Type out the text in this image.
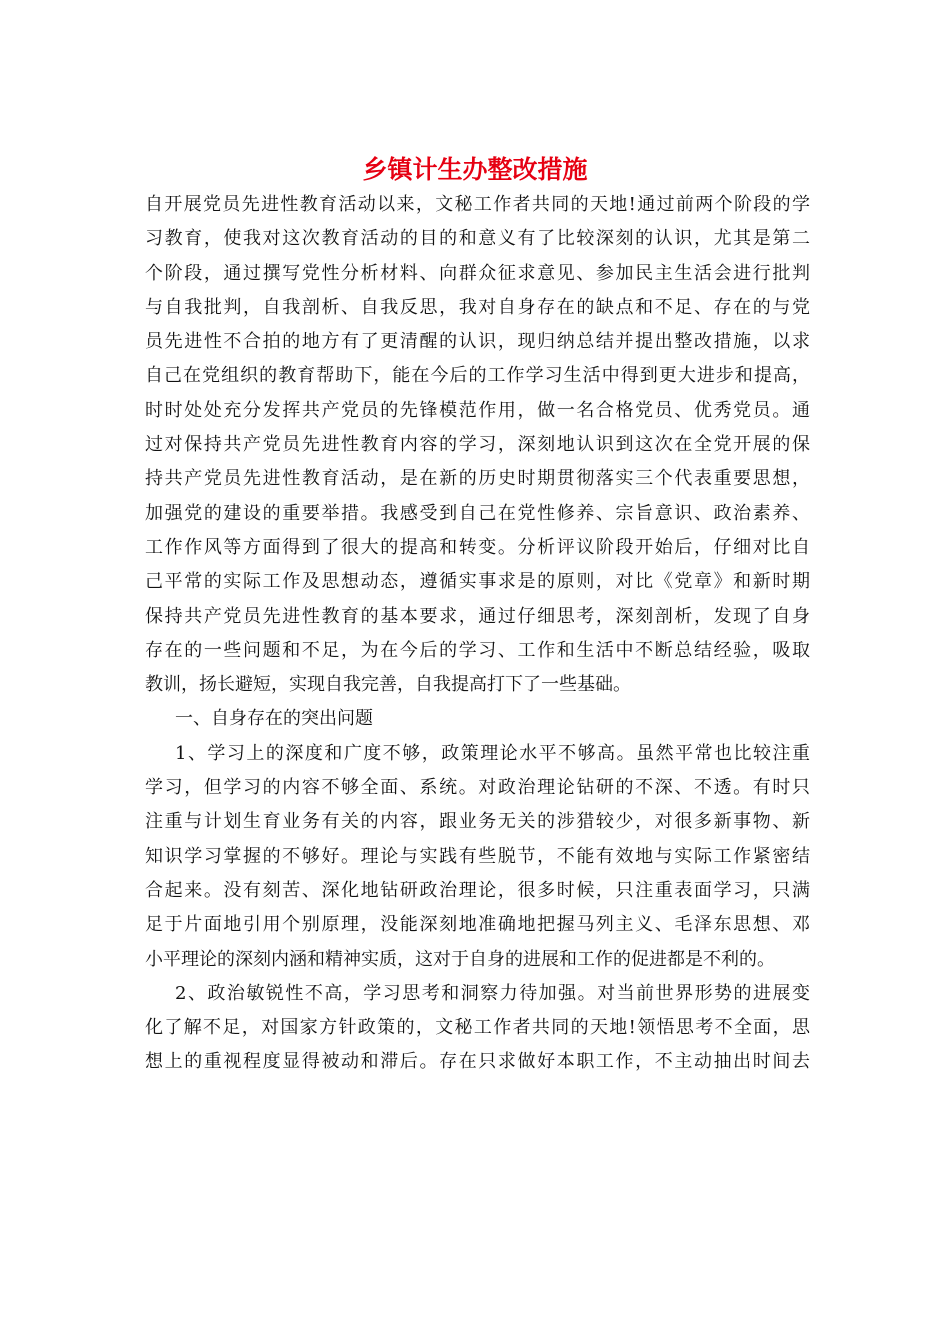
乡镇计生办整改措施
自开展党员先进性教育活动以来，文秘工作者共同的天地!通过前两个阶段的学
习教育，使我对这次教育活动的目的和意义有了比较深刻的认识，尤其是第二
个阶段，通过撰写党性分析材料、向群众征求意见、参加民主生活会进行批判
与自我批判，自我剖析、自我反思，我对自身存在的缺点和不足、存在的与党
员先进性不合拍的地方有了更清醒的认识，现归纳总结并提出整改措施，以求
自己在党组织的教育帮助下，能在今后的工作学习生活中得到更大进步和提高，
时时处处充分发挥共产党员的先锋模范作用，做一名合格党员、优秀党员。通
过对保持共产党员先进性教育内容的学习，深刻地认识到这次在全党开展的保
持共产党员先进性教育活动，是在新的历史时期贯彻落实三个代表重要思想，
加强党的建设的重要举措。我感受到自己在党性修养、宗旨意识、政治素养、
工作作风等方面得到了很大的提高和转变。分析评议阶段开始后，仔细对比自
己平常的实际工作及思想动态，遵循实事求是的原则，对比《党章》和新时期
保持共产党员先进性教育的基本要求，通过仔细思考，深刻剖析，发现了自身
存在的一些问题和不足，为在今后的学习、工作和生活中不断总结经验，吸取
教训，扬长避短，实现自我完善，自我提高打下了一些基础。
一、自身存在的突出问题
1、学习上的深度和广度不够，政策理论水平不够高。虽然平常也比较注重
学习，但学习的内容不够全面、系统。对政治理论钻研的不深、不透。有时只
注重与计划生育业务有关的内容，跟业务无关的涉猎较少，对很多新事物、新
知识学习掌握的不够好。理论与实践有些脱节，不能有效地与实际工作紧密结
合起来。没有刻苦、深化地钻研政治理论，很多时候，只注重表面学习，只满
足于片面地引用个别原理，没能深刻地准确地把握马列主义、毛泽东思想、邓
小平理论的深刻内涵和精神实质，这对于自身的进展和工作的促进都是不利的。
2、政治敏锐性不高，学习思考和洞察力待加强。对当前世界形势的进展变
化了解不足，对国家方针政策的，文秘工作者共同的天地!领悟思考不全面，思
想上的重视程度显得被动和滞后。存在只求做好本职工作，不主动抽出时间去
